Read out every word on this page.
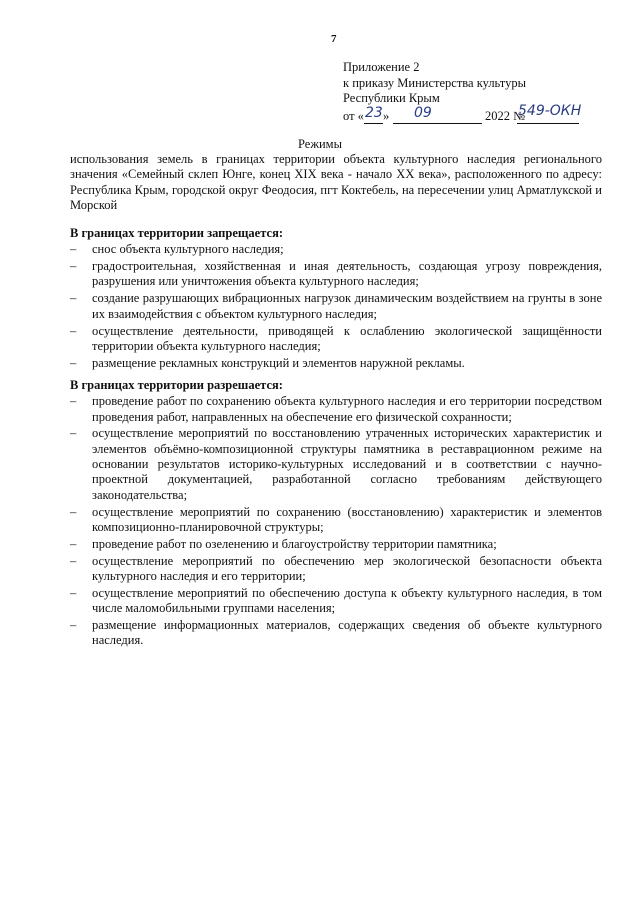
7
Приложение 2
к приказу Министерства культуры
Республики Крым
от « 23 » 09	2022 №
549-ОКН
Режимы
использования земель в границах территории объекта культурного наследия регионального значения «Семейный склеп Юнге, конец XIX века - начало XX века», расположенного по адресу: Республика Крым, городской округ Феодосия, пгт Коктебель, на пересечении улиц Арматлукской и Морской
В границах территории запрещается:
– снос объекта культурного наследия;
– градостроительная, хозяйственная и иная деятельность, создающая угрозу повреждения, разрушения или уничтожения объекта культурного наследия;
– создание разрушающих вибрационных нагрузок динамическим воздействием на грунты в зоне их взаимодействия с объектом культурного наследия;
– осуществление деятельности, приводящей к ослаблению экологической защищённости территории объекта культурного наследия;
– размещение рекламных конструкций и элементов наружной рекламы.
В границах территории разрешается:
– проведение работ по сохранению объекта культурного наследия и его территории посредством проведения работ, направленных на обеспечение его физической сохранности;
– осуществление мероприятий по восстановлению утраченных исторических характеристик и элементов объёмно-композиционной структуры памятника в реставрационном режиме на основании результатов историко-культурных исследований и в соответствии с научно-проектной документацией, разработанной согласно требованиям действующего законодательства;
– осуществление мероприятий по сохранению (восстановлению) характеристик и элементов композиционно-планировочной структуры;
– проведение работ по озеленению и благоустройству территории памятника;
– осуществление мероприятий по обеспечению мер экологической безопасности объекта культурного наследия и его территории;
– осуществление мероприятий по обеспечению доступа к объекту культурного наследия, в том числе маломобильными группами населения;
– размещение информационных материалов, содержащих сведения об объекте культурного наследия.
